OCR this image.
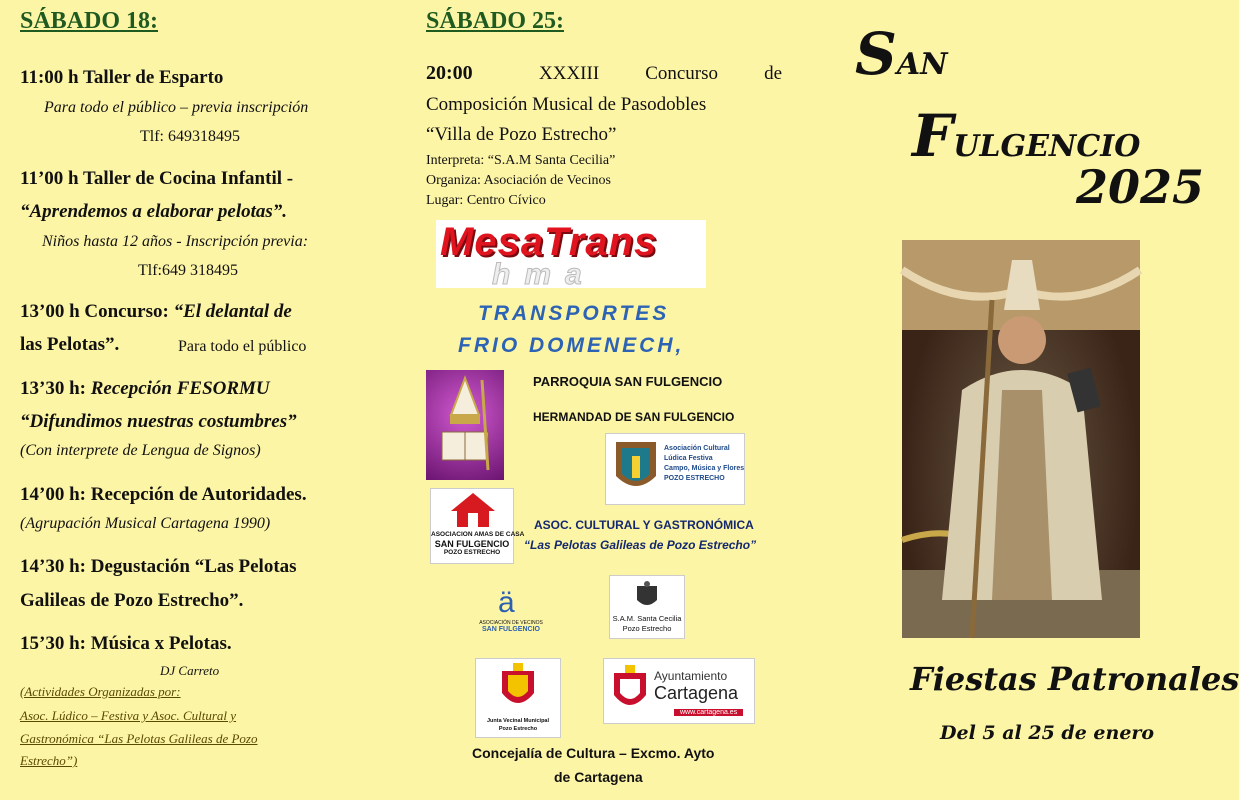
SÁBADO 18:
11:00 h Taller de Esparto
Para todo el público – previa inscripción
Tlf: 649318495
11’00 h Taller de Cocina Infantil -
“Aprendemos a elaborar pelotas”.
Niños hasta 12 años - Inscripción previa:
Tlf:649 318495
13’00 h Concurso: “El delantal de
las Pelotas”.	Para todo el público
13’30 h: Recepción FESORMU
“Difundimos nuestras costumbres”
(Con interprete de Lengua de Signos)
14’00 h: Recepción de Autoridades.
(Agrupación Musical Cartagena 1990)
14’30 h: Degustación “Las Pelotas
Galileas de Pozo Estrecho”.
15’30 h: Música x Pelotas.
DJ Carreto
(Actividades Organizadas por:
Asoc. Lúdico – Festiva y Asoc. Cultural y
Gastronómica “Las Pelotas Galileas de Pozo
Estrecho”)
SÁBADO 25:
20:00	XXXIII Concurso de
Composición Musical de Pasodobles
“Villa de Pozo Estrecho”
Interpreta: “S.A.M Santa Cecilia”
Organiza: Asociación de Vecinos
Lugar: Centro Cívico
MesaTrans
hma
TRANSPORTES
FRIO DOMENECH,
PARROQUIA SAN FULGENCIO
HERMANDAD DE SAN FULGENCIO
Asociación Cultural
Lúdica Festiva
Campo, Música y Flores
POZO ESTRECHO
ASOCIACION AMAS DE CASA
SAN FULGENCIO
POZO ESTRECHO
ASOC. CULTURAL Y GASTRONÓMICA
“Las Pelotas Galileas de Pozo Estrecho”
ä
ASOCIACIÓN DE VECINOS
SAN FULGENCIO
S.A.M. Santa Cecilia
Pozo Estrecho
Junta Vecinal Municipal
Pozo Estrecho
Ayuntamiento
Cartagena
www.cartagena.es
Concejalía de Cultura – Excmo. Ayto
de Cartagena
SAN
FULGENCIO
2025
Fiestas Patronales
Del 5 al 25 de enero
